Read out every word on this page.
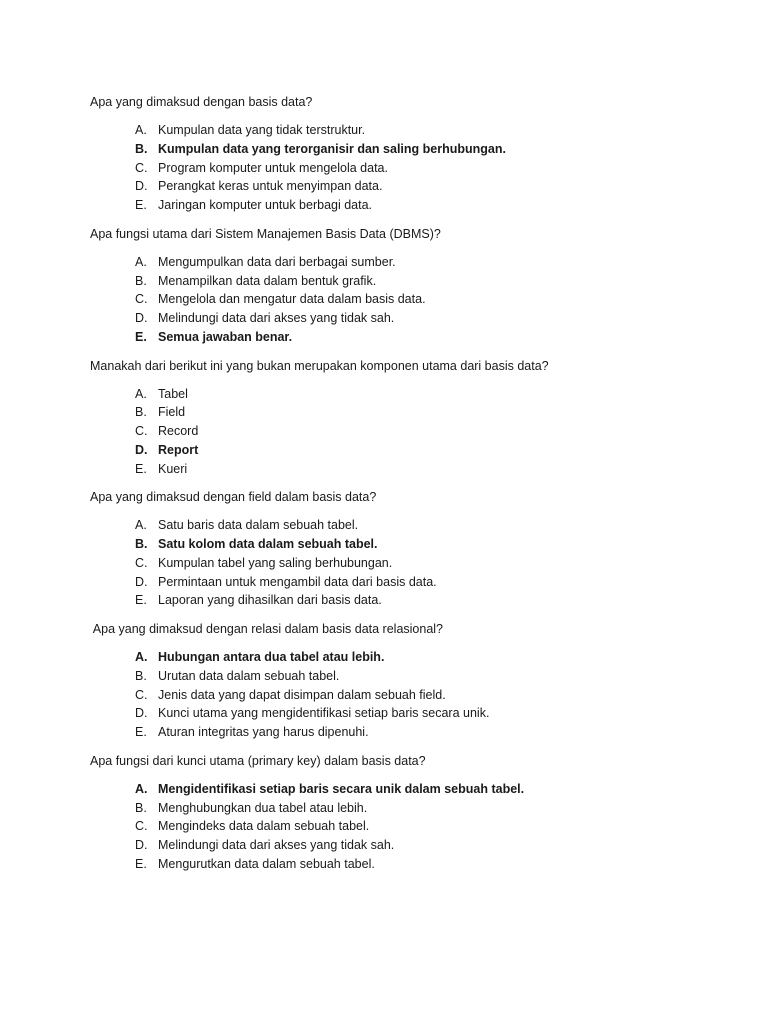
Apa yang dimaksud dengan basis data?

A. Kumpulan data yang tidak terstruktur.
B. Kumpulan data yang terorganisir dan saling berhubungan.
C. Program komputer untuk mengelola data.
D. Perangkat keras untuk menyimpan data.
E. Jaringan komputer untuk berbagi data.

Apa fungsi utama dari Sistem Manajemen Basis Data (DBMS)?

A. Mengumpulkan data dari berbagai sumber.
B. Menampilkan data dalam bentuk grafik.
C. Mengelola dan mengatur data dalam basis data.
D. Melindungi data dari akses yang tidak sah.
E. Semua jawaban benar.

Manakah dari berikut ini yang bukan merupakan komponen utama dari basis data?

A. Tabel
B. Field
C. Record
D. Report
E. Kueri

Apa yang dimaksud dengan field dalam basis data?

A. Satu baris data dalam sebuah tabel.
B. Satu kolom data dalam sebuah tabel.
C. Kumpulan tabel yang saling berhubungan.
D. Permintaan untuk mengambil data dari basis data.
E. Laporan yang dihasilkan dari basis data.

Apa yang dimaksud dengan relasi dalam basis data relasional?

A. Hubungan antara dua tabel atau lebih.
B. Urutan data dalam sebuah tabel.
C. Jenis data yang dapat disimpan dalam sebuah field.
D. Kunci utama yang mengidentifikasi setiap baris secara unik.
E. Aturan integritas yang harus dipenuhi.

Apa fungsi dari kunci utama (primary key) dalam basis data?

A. Mengidentifikasi setiap baris secara unik dalam sebuah tabel.
B. Menghubungkan dua tabel atau lebih.
C. Mengindeks data dalam sebuah tabel.
D. Melindungi data dari akses yang tidak sah.
E. Mengurutkan data dalam sebuah tabel.
